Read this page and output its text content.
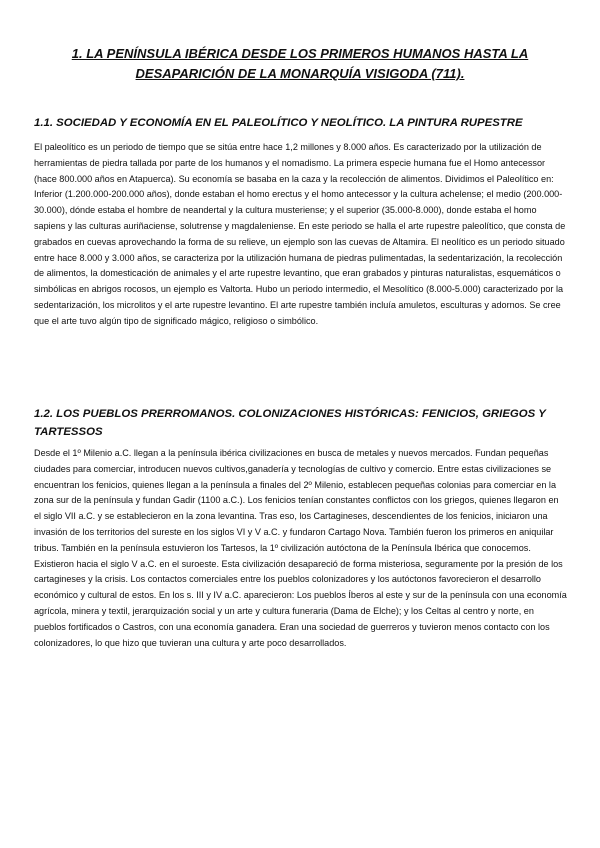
1. LA PENÍNSULA IBÉRICA DESDE LOS PRIMEROS HUMANOS HASTA LA DESAPARICIÓN DE LA MONARQUÍA VISIGODA (711).
1.1. SOCIEDAD Y ECONOMÍA EN EL PALEOLÍTICO Y NEOLÍTICO. LA PINTURA RUPESTRE

El paleolítico es un periodo de tiempo que se sitúa entre hace 1,2 millones y 8.000 años. Es caracterizado por la utilización de herramientas de piedra tallada por parte de los humanos y el nomadismo. La primera especie humana fue el Homo antecessor (hace 800.000 años en Atapuerca). Su economía se basaba en la caza y la recolección de alimentos. Dividimos el Paleolítico en: Inferior (1.200.000-200.000 años), donde estaban el homo erectus y el homo antecessor y la cultura achelense; el medio (200.000-30.000), dónde estaba el hombre de neandertal y la cultura musteriense; y el superior (35.000-8.000), donde estaba el homo sapiens y las culturas auriñaciense, solutrense y magdaleniense. En este periodo se halla el arte rupestre paleolítico, que consta de grabados en cuevas aprovechando la forma de su relieve, un ejemplo son las cuevas de Altamira. El neolítico es un periodo situado entre hace 8.000 y 3.000 años, se caracteriza por la utilización humana de piedras pulimentadas, la sedentarización, la recolección de alimentos, la domesticación de animales y el arte rupestre levantino, que eran grabados y pinturas naturalistas, esquemáticos o simbólicas en abrigos rocosos, un ejemplo es Valtorta. Hubo un periodo intermedio, el Mesolítico (8.000-5.000) caracterizado por la sedentarización, los microlitos y el arte rupestre levantino. El arte rupestre también incluía amuletos, esculturas y adornos. Se cree que el arte tuvo algún tipo de significado mágico, religioso o simbólico.

1.2. LOS PUEBLOS PRERROMANOS. COLONIZACIONES HISTÓRICAS: FENICIOS, GRIEGOS Y TARTESSOS

Desde el 1º Milenio a.C. llegan a la península ibérica civilizaciones en busca de metales y nuevos mercados. Fundan pequeñas ciudades para comerciar, introducen nuevos cultivos,ganadería y tecnologías de cultivo y comercio. Entre estas civilizaciones se encuentran los fenicios, quienes llegan a la península a finales del 2º Milenio, establecen pequeñas colonias para comerciar en la zona sur de la península y fundan Gadir (1100 a.C.). Los fenicios tenían constantes conflictos con los griegos, quienes llegaron en el siglo VII a.C. y se establecieron en la zona levantina. Tras eso, los Cartagineses, descendientes de los fenicios, iniciaron una invasión de los territorios del sureste en los siglos VI y V a.C. y fundaron Cartago Nova. También fueron los primeros en aniquilar tribus. También en la península estuvieron los Tartesos, la 1º civilización autóctona de la Península Ibérica que conocemos. Existieron hacia el siglo V a.C. en el suroeste. Esta civilización desapareció de forma misteriosa, seguramente por la presión de los cartagineses y la crisis. Los contactos comerciales entre los pueblos colonizadores y los autóctonos favorecieron el desarrollo económico y cultural de estos. En los s. III y IV a.C. aparecieron: Los pueblos Íberos al este y sur de la península con una economía agrícola, minera y textil, jerarquización social y un arte y cultura funeraria (Dama de Elche); y los Celtas al centro y norte, en pueblos fortificados o Castros, con una economía ganadera. Eran una sociedad de guerreros y tuvieron menos contacto con los colonizadores, lo que hizo que tuvieran una cultura y arte poco desarrollados.
